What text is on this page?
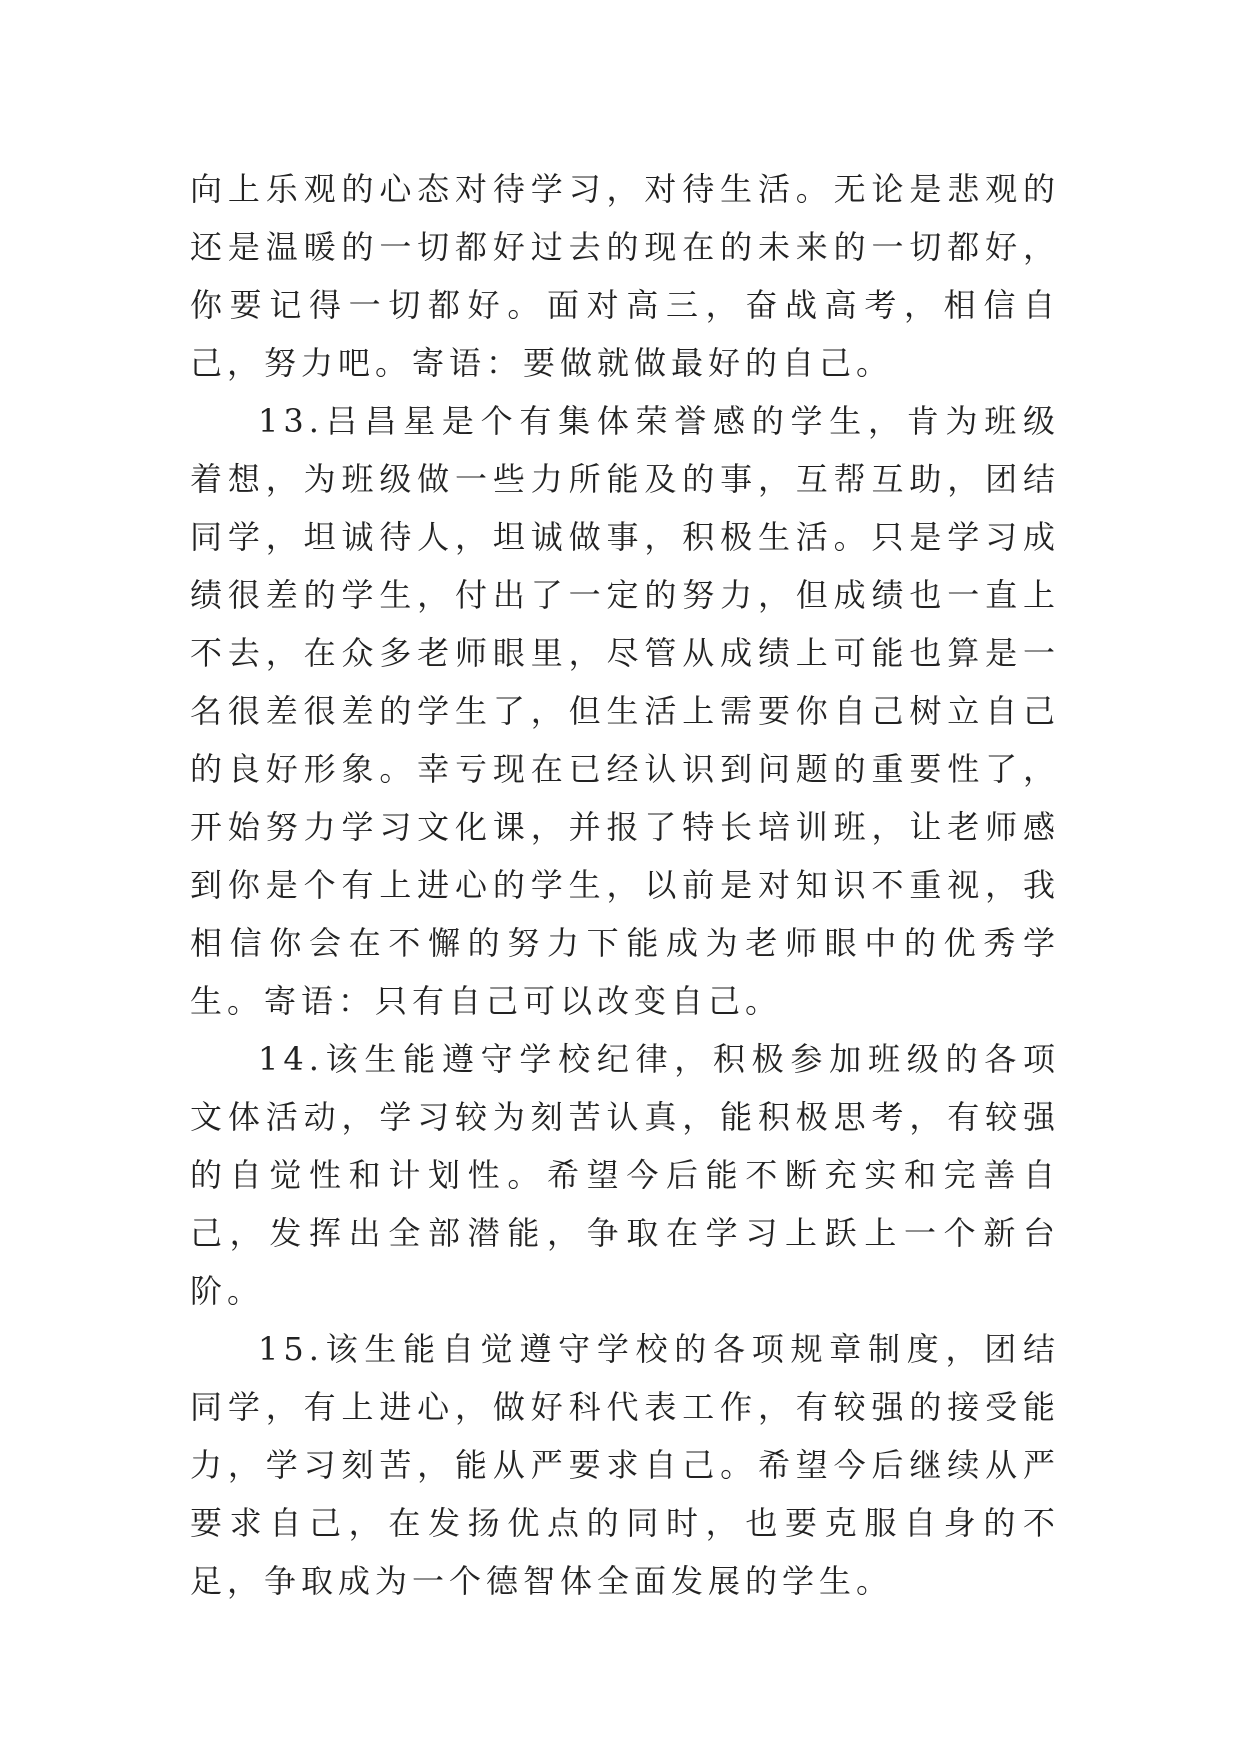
向上乐观的心态对待学习，对待生活。无论是悲观的还是温暖的一切都好过去的现在的未来的一切都好，你要记得一切都好。面对高三，奋战高考，相信自己，努力吧。寄语：要做就做最好的自己。

13.吕昌星是个有集体荣誉感的学生，肯为班级着想，为班级做一些力所能及的事，互帮互助，团结同学，坦诚待人，坦诚做事，积极生活。只是学习成绩很差的学生，付出了一定的努力，但成绩也一直上不去，在众多老师眼里，尽管从成绩上可能也算是一名很差很差的学生了，但生活上需要你自己树立自己的良好形象。幸亏现在已经认识到问题的重要性了，开始努力学习文化课，并报了特长培训班，让老师感到你是个有上进心的学生，以前是对知识不重视，我相信你会在不懈的努力下能成为老师眼中的优秀学生。寄语：只有自己可以改变自己。

14.该生能遵守学校纪律，积极参加班级的各项文体活动，学习较为刻苦认真，能积极思考，有较强的自觉性和计划性。希望今后能不断充实和完善自己，发挥出全部潜能，争取在学习上跃上一个新台阶。

15.该生能自觉遵守学校的各项规章制度，团结同学，有上进心，做好科代表工作，有较强的接受能力，学习刻苦，能从严要求自己。希望今后继续从严要求自己，在发扬优点的同时，也要克服自身的不足，争取成为一个德智体全面发展的学生。
